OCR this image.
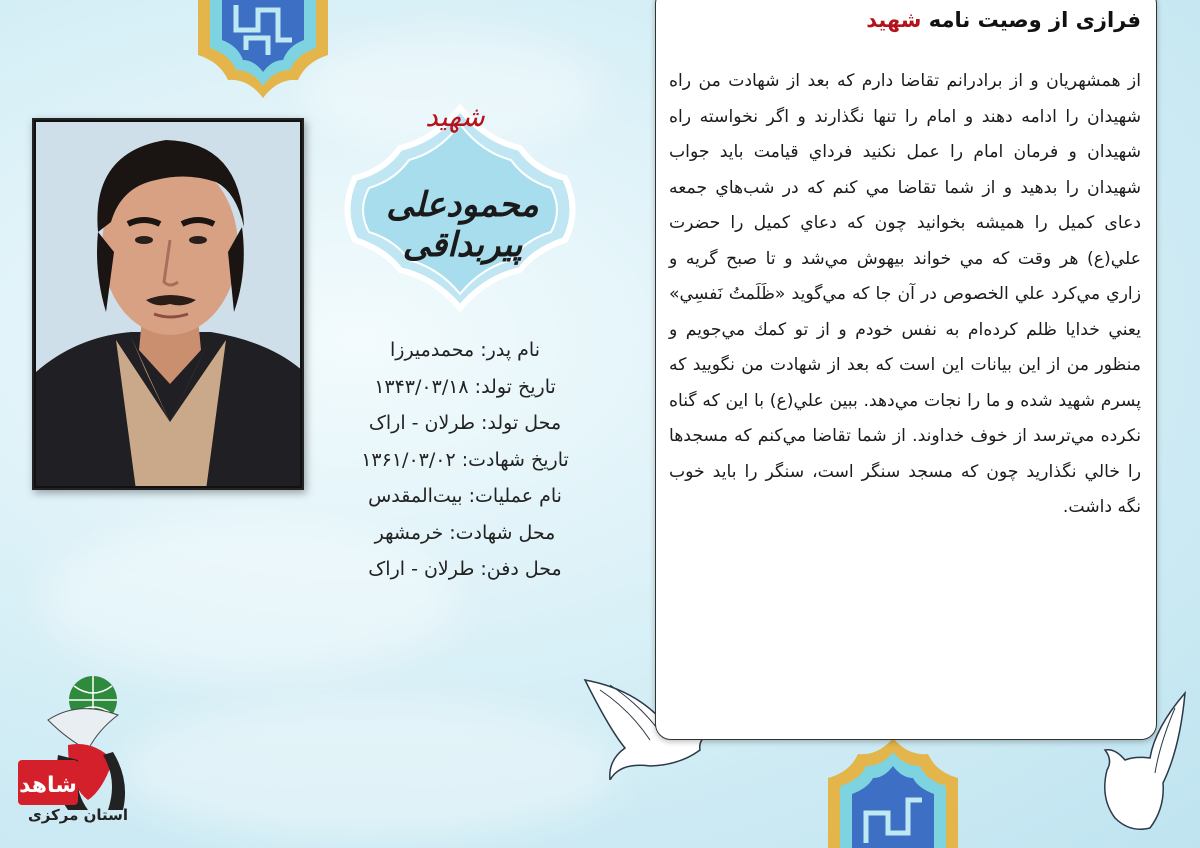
شهید
محمودعلی پیربداقی
نام پدر: محمدمیرزا
تاریخ تولد: ۱۳۴۳/۰۳/۱۸
محل تولد: طرلان - اراک
تاریخ شهادت: ۱۳۶۱/۰۳/۰۲
نام عملیات: بیت‌المقدس
محل شهادت: خرمشهر
محل دفن: طرلان - اراک
فرازی از وصیت نامه شهید
از همشهریان و از برادرانم تقاضا دارم که بعد از شهادت من راه شهيدان را ادامه دهند و امام را تنها نگذارند و اگر نخواسته راه شهيدان و فرمان امام را عمل نكنيد فرداي قيامت بايد جواب شهيدان را بدهيد و از شما تقاضا مي كنم كه در شب‌هاي جمعه دعای کمیل را همیشه بخوانيد چون كه دعاي كميل را حضرت علي(ع) هر وقت كه مي خواند بيهوش مي‌شد و تا صبح گريه و زاري مي‌كرد علي الخصوص در آن جا كه مي‌گويد «ظَلَمتُ نَفسِي» يعني خدايا ظلم كرده‌ام به نفس خودم و از تو كمك مي‌جويم و منظور من از اين بيانات اين است كه بعد از شهادت من نگوييد كه پسرم شهيد شده و ما را نجات مي‌دهد. ببين علي(ع) با اين كه گناه نكرده مي‌ترسد از خوف خداوند. از شما تقاضا مي‌كنم كه مسجدها را خالي نگذاريد چون كه مسجد سنگر است، سنگر را بايد خوب نگه داشت.
شاهد
استان مرکزی
